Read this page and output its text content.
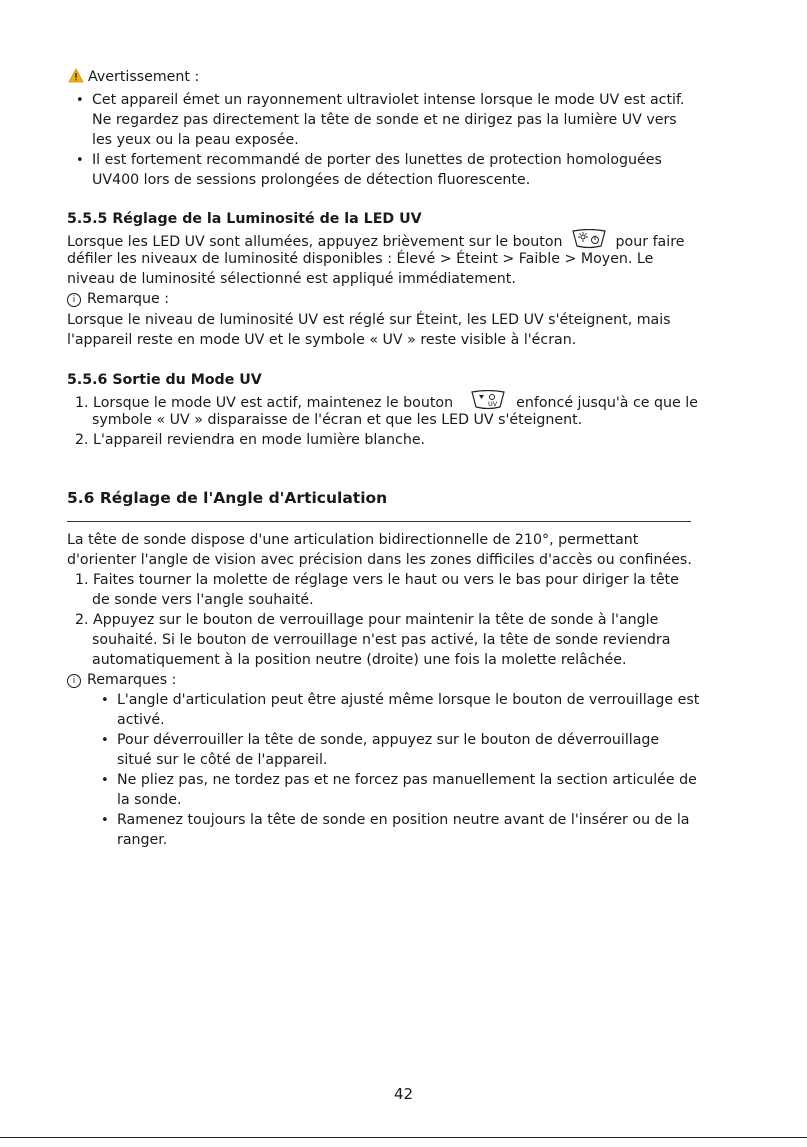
Avertissement :
• Cet appareil émet un rayonnement ultraviolet intense lorsque le mode UV est actif.
Ne regardez pas directement la tête de sonde et ne dirigez pas la lumière UV vers
les yeux ou la peau exposée.
• Il est fortement recommandé de porter des lunettes de protection homologuées
UV400 lors de sessions prolongées de détection fluorescente.
5.5.5 Réglage de la Luminosité de la LED UV
Lorsque les LED UV sont allumées, appuyez brièvement sur le bouton	pour faire
défiler les niveaux de luminosité disponibles : Élevé > Éteint > Faible > Moyen. Le
niveau de luminosité sélectionné est appliqué immédiatement.
i Remarque :
Lorsque le niveau de luminosité UV est réglé sur Éteint, les LED UV s'éteignent, mais
l'appareil reste en mode UV et le symbole « UV » reste visible à l'écran.
5.5.6 Sortie du Mode UV
1. Lorsque le mode UV est actif, maintenez le bouton	UV enfoncé jusqu'à ce que le
symbole « UV » disparaisse de l'écran et que les LED UV s'éteignent.
2. L'appareil reviendra en mode lumière blanche.
5.6 Réglage de l'Angle d'Articulation
La tête de sonde dispose d'une articulation bidirectionnelle de 210°, permettant
d'orienter l'angle de vision avec précision dans les zones difficiles d'accès ou confinées.
1. Faites tourner la molette de réglage vers le haut ou vers le bas pour diriger la tête
de sonde vers l'angle souhaité.
2. Appuyez sur le bouton de verrouillage pour maintenir la tête de sonde à l'angle
souhaité. Si le bouton de verrouillage n'est pas activé, la tête de sonde reviendra
automatiquement à la position neutre (droite) une fois la molette relâchée.
i Remarques :
• L'angle d'articulation peut être ajusté même lorsque le bouton de verrouillage est
activé.
• Pour déverrouiller la tête de sonde, appuyez sur le bouton de déverrouillage
situé sur le côté de l'appareil.
• Ne pliez pas, ne tordez pas et ne forcez pas manuellement la section articulée de
la sonde.
• Ramenez toujours la tête de sonde en position neutre avant de l'insérer ou de la
ranger.
42
